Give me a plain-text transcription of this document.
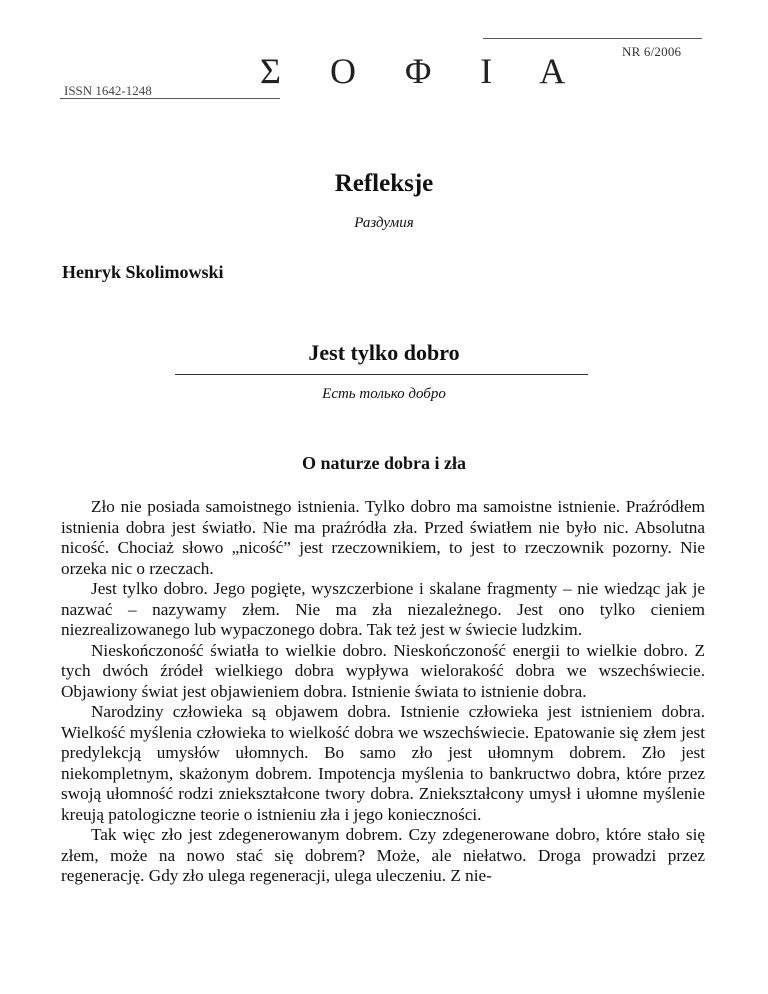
NR 6/2006
Σ Ο Φ Ι Α
ISSN 1642-1248
Refleksje
Раздумия
Henryk Skolimowski
Jest tylko dobro
Есть только добро
O naturze dobra i zła

Zło nie posiada samoistnego istnienia. Tylko dobro ma samoistne istnienie. Praźródłem istnienia dobra jest światło. Nie ma praźródła zła. Przed światłem nie było nic. Absolutna nicość. Chociaż słowo „nicość” jest rzeczownikiem, to jest to rzeczownik pozorny. Nie orzeka nic o rzeczach.

Jest tylko dobro. Jego pogięte, wyszczerbione i skalane fragmenty – nie wiedząc jak je nazwać – nazywamy złem. Nie ma zła niezależnego. Jest ono tylko cieniem niezrealizowanego lub wypaczonego dobra. Tak też jest w świecie ludzkim.

Nieskończoność światła to wielkie dobro. Nieskończoność energii to wielkie dobro. Z tych dwóch źródeł wielkiego dobra wypływa wielorakość dobra we wszechświecie. Objawiony świat jest objawieniem dobra. Istnienie świata to istnienie dobra.

Narodziny człowieka są objawem dobra. Istnienie człowieka jest istnieniem dobra. Wielkość myślenia człowieka to wielkość dobra we wszechświecie. Epatowanie się złem jest predylekcją umysłów ułomnych. Bo samo zło jest ułomnym dobrem. Zło jest niekompletnym, skażonym dobrem. Impotencja myślenia to bankructwo dobra, które przez swoją ułomność rodzi zniekształcone twory dobra. Zniekształcony umysł i ułomne myślenie kreują patologiczne teorie o istnieniu zła i jego konieczności.

Tak więc zło jest zdegenerowanym dobrem. Czy zdegenerowane dobro, które stało się złem, może na nowo stać się dobrem? Może, ale niełatwo. Droga prowadzi przez regenerację. Gdy zło ulega regeneracji, ulega uleczeniu. Z nie-
